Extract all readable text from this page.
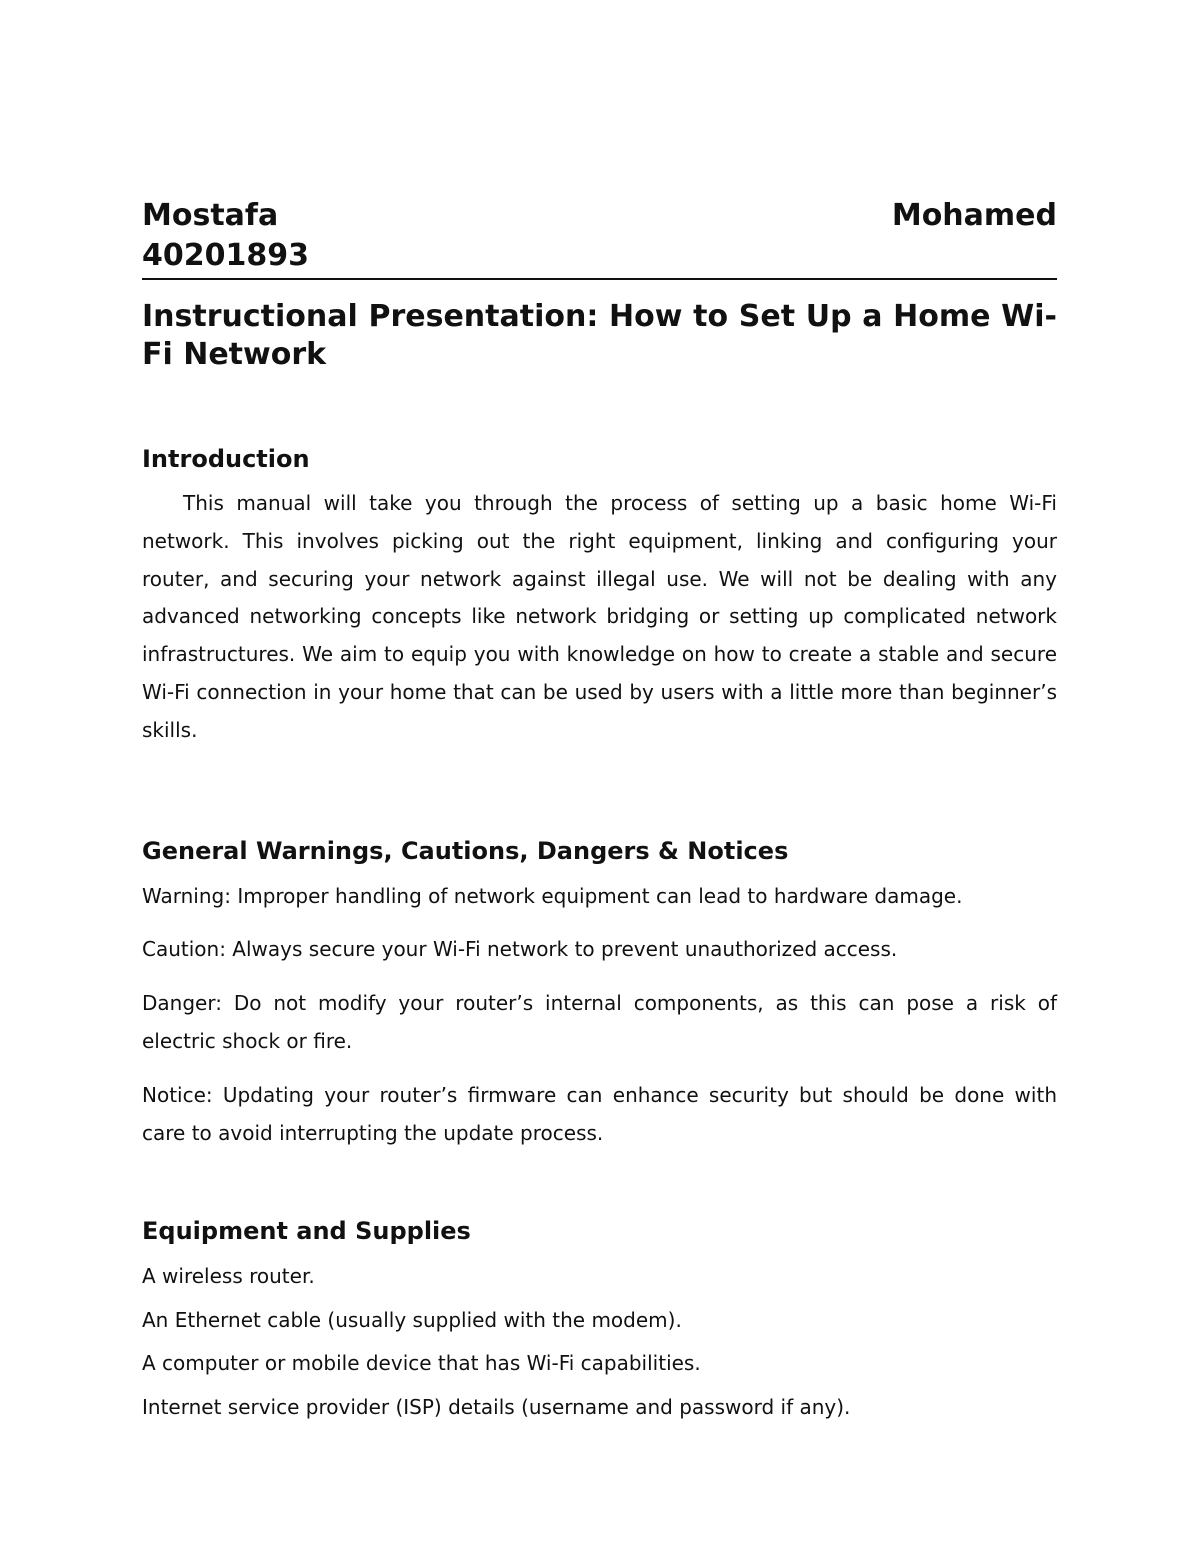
Mostafa	Mohamed
40201893
Instructional Presentation: How to Set Up a Home Wi-Fi Network
Introduction

This manual will take you through the process of setting up a basic home Wi-Fi network. This involves picking out the right equipment, linking and configuring your router, and securing your network against illegal use. We will not be dealing with any advanced networking concepts like network bridging or setting up complicated network infrastructures. We aim to equip you with knowledge on how to create a stable and secure Wi-Fi connection in your home that can be used by users with a little more than beginner’s skills.

General Warnings, Cautions, Dangers & Notices

Warning: Improper handling of network equipment can lead to hardware damage.

Caution: Always secure your Wi-Fi network to prevent unauthorized access.

Danger: Do not modify your router’s internal components, as this can pose a risk of electric shock or fire.

Notice: Updating your router’s firmware can enhance security but should be done with care to avoid interrupting the update process.

Equipment and Supplies

A wireless router.

An Ethernet cable (usually supplied with the modem).

A computer or mobile device that has Wi-Fi capabilities.

Internet service provider (ISP) details (username and password if any).
